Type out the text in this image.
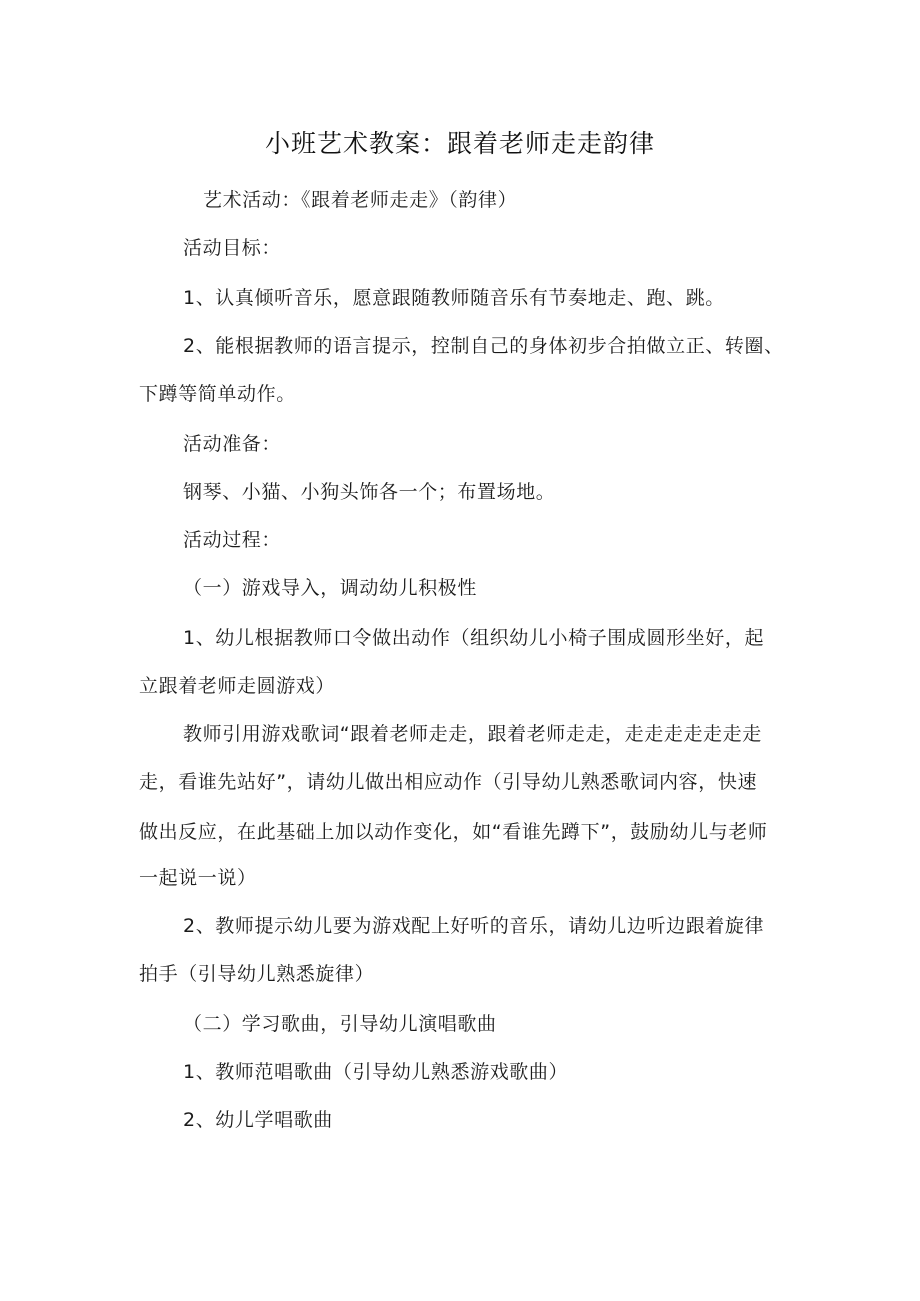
小班艺术教案：跟着老师走走韵律

艺术活动：《跟着老师走走》（韵律）

活动目标：

1、认真倾听音乐，愿意跟随教师随音乐有节奏地走、跑、跳。

2、能根据教师的语言提示，控制自己的身体初步合拍做立正、转圈、

下蹲等简单动作。

活动准备：

钢琴、小猫、小狗头饰各一个；布置场地。

活动过程：

（一）游戏导入，调动幼儿积极性

1、幼儿根据教师口令做出动作（组织幼儿小椅子围成圆形坐好，起

立跟着老师走圆游戏）

教师引用游戏歌词“跟着老师走走，跟着老师走走，走走走走走走走

走，看谁先站好”，请幼儿做出相应动作（引导幼儿熟悉歌词内容，快速

做出反应，在此基础上加以动作变化，如“看谁先蹲下”，鼓励幼儿与老师

一起说一说）

2、教师提示幼儿要为游戏配上好听的音乐，请幼儿边听边跟着旋律

拍手（引导幼儿熟悉旋律）

（二）学习歌曲，引导幼儿演唱歌曲

1、教师范唱歌曲（引导幼儿熟悉游戏歌曲）

2、幼儿学唱歌曲
